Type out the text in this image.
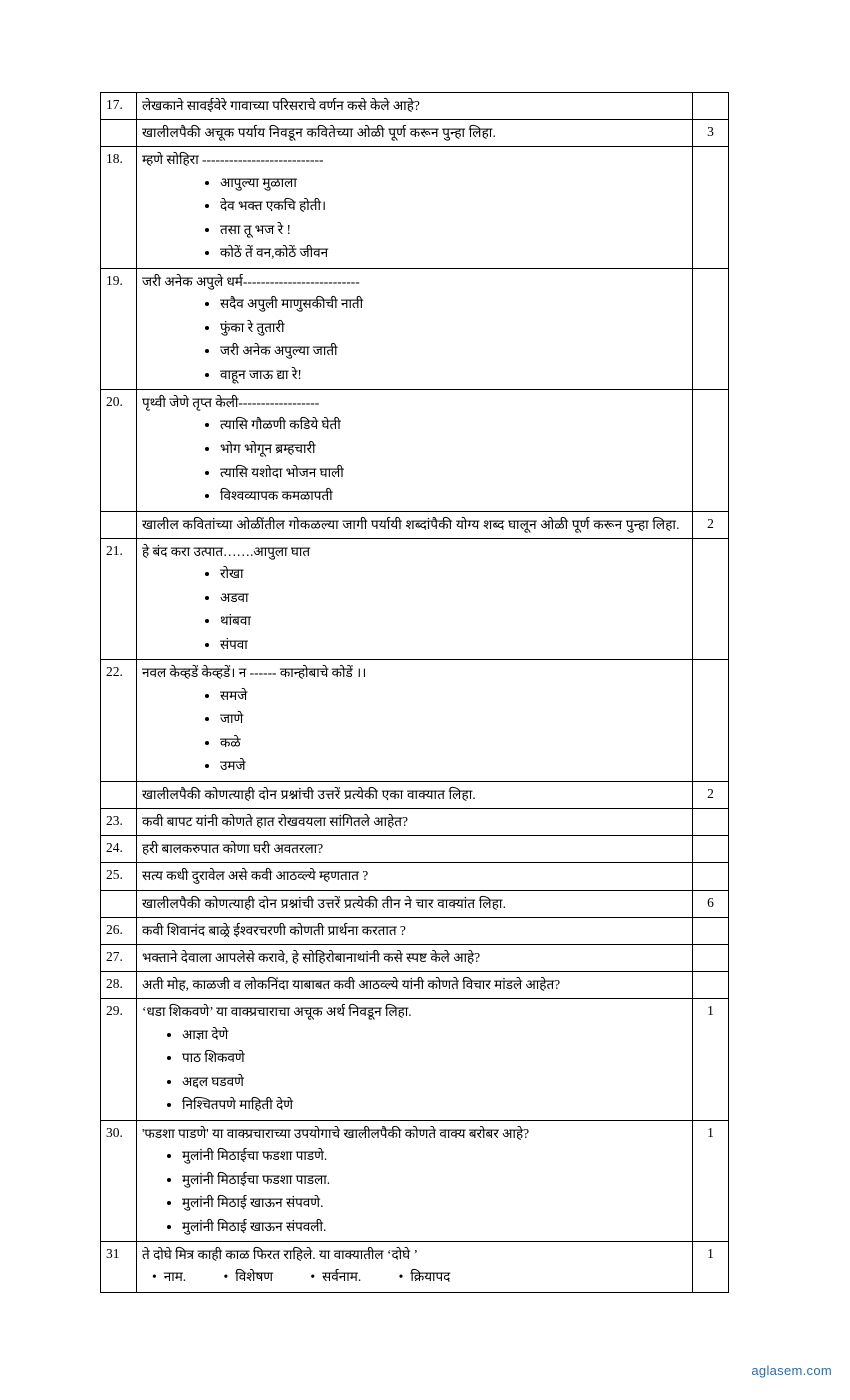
17.	लेखकाने सावईवेरे गावाच्या परिसराचे वर्णन कसे केले आहे?	

	खालीलपैकी अचूक पर्याय निवडून कवितेच्या ओळी पूर्ण करून पुन्हा लिहा.	3
18.	म्हणे सोहिरा ---------------------------
• आपुल्या मुळाला
• देव भक्त एकचि होती।
• तसा तू भज रे !
• कोठें तें वन,कोठें जीवन

19.	जरी अनेक अपुले धर्म--------------------------
• सदैव अपुली माणुसकीची नाती
• फुंका रे तुतारी
• जरी अनेक अपुल्या जाती
• वाहून जाऊ द्या रे!

20.	पृथ्वी जेणे तृप्त केली------------------
• त्यासि गौळणी कडिये घेती
• भोग भोगून ब्रम्हचारी
• त्यासि यशोदा भोजन घाली
• विश्वव्यापक कमळापती

	खालील कवितांच्या ओळींतील गोकळल्या जागी पर्यायी शब्दांपैकी योग्य शब्द घालून ओळी पूर्ण करून पुन्हा लिहा.	2
21.	हे बंद करा उत्पात…….आपुला घात
• रोखा
• अडवा
• थांबवा
• संपवा

22.	नवल केव्हडें केव्हडें। न ------ कान्होबाचे कोडें ।।
• समजे
• जाणे
• कळे
• उमजे

	खालीलपैकी कोणत्याही दोन प्रश्नांची उत्तरें प्रत्येकी एका वाक्यात लिहा.	2
23.	कवी बापट यांनी कोणते हात रोखवयला सांगितले आहेत?	

24.	हरी बालकरुपात कोणा घरी अवतरला?	

25.	सत्य कधी दुरावेल असे कवी आठव्ल्ये म्हणतात ?	

	खालीलपैकी कोणत्याही दोन प्रश्नांची उत्तरें प्रत्येकी तीन ने चार वाक्यांत लिहा.	6
26.	कवी शिवानंद बाळ्रे ईश्वरचरणी कोणती प्रार्थना करतात ?	

27.	भक्ताने देवाला आपलेसे करावे, हे सोहिरोबानाथांनी कसे स्पष्ट केले आहे?	

28.	अती मोह, काळजी व लोकनिंदा याबाबत कवी आठव्ल्ये यांनी कोणते विचार मांडले आहेत?	

29.	‘धडा शिकवणे’ या वाक्प्रचाराचा अचूक अर्थ निवडून लिहा.
• आज्ञा देणे
• पाठ शिकवणे
• अद्दल घडवणे
• निश्चितपणे माहिती देणे
	1
30.	'फडशा पाडणे' या वाक्प्रचाराच्या उपयोगाचे खालीलपैकी कोणते वाक्य बरोबर आहे?
• मुलांनी मिठाईचा फडशा पाडणे.
• मुलांनी मिठाईचा फडशा पाडला.
• मुलांनी मिठाई खाऊन संपवणे.
• मुलांनी मिठाई खाऊन संपवली.
	1
31	ते दोघे मित्र काही काळ फिरत राहिले. या वाक्यातील ‘दोघे ’
• नाम. • विशेषण • सर्वनाम. • क्रियापद	1
aglasem.com
